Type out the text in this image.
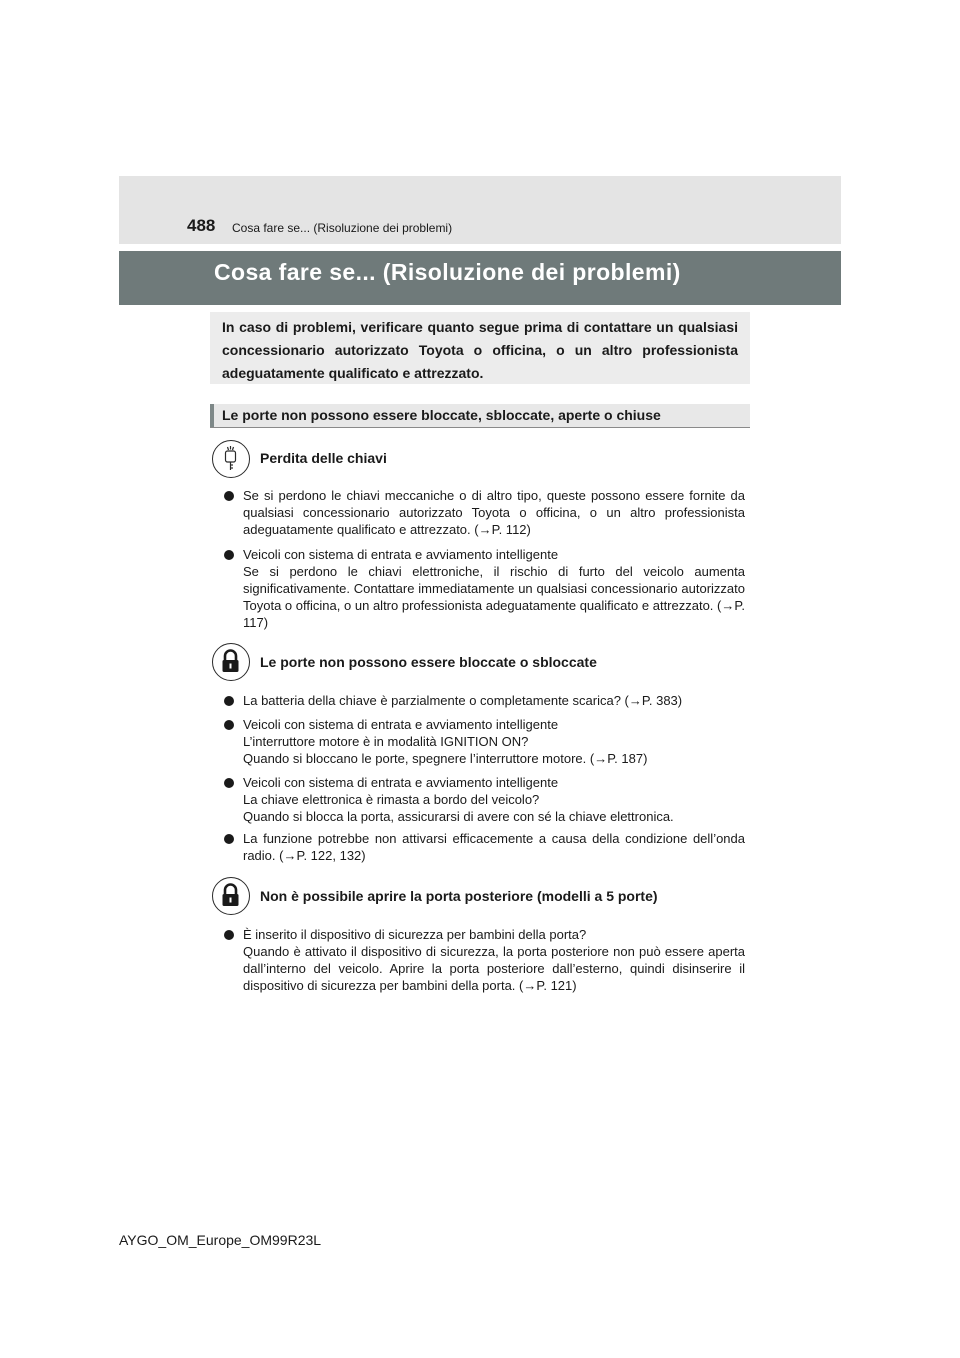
488 Cosa fare se... (Risoluzione dei problemi)
Cosa fare se... (Risoluzione dei problemi)
In caso di problemi, verificare quanto segue prima di contattare un qualsiasi concessionario autorizzato Toyota o officina, o un altro professionista adeguatamente qualificato e attrezzato.
Le porte non possono essere bloccate, sbloccate, aperte o chiuse
Perdita delle chiavi
Se si perdono le chiavi meccaniche o di altro tipo, queste possono essere fornite da qualsiasi concessionario autorizzato Toyota o officina, o un altro professionista adeguatamente qualificato e attrezzato. (→P. 112)
Veicoli con sistema di entrata e avviamento intelligente
Se si perdono le chiavi elettroniche, il rischio di furto del veicolo aumenta significativamente. Contattare immediatamente un qualsiasi concessionario autorizzato Toyota o officina, o un altro professionista adeguatamente qualificato e attrezzato. (→P. 117)
Le porte non possono essere bloccate o sbloccate
La batteria della chiave è parzialmente o completamente scarica? (→P. 383)
Veicoli con sistema di entrata e avviamento intelligente
L’interruttore motore è in modalità IGNITION ON?
Quando si bloccano le porte, spegnere l’interruttore motore. (→P. 187)
Veicoli con sistema di entrata e avviamento intelligente
La chiave elettronica è rimasta a bordo del veicolo?
Quando si blocca la porta, assicurarsi di avere con sé la chiave elettronica.
La funzione potrebbe non attivarsi efficacemente a causa della condizione dell’onda radio. (→P. 122, 132)
Non è possibile aprire la porta posteriore (modelli a 5 porte)
È inserito il dispositivo di sicurezza per bambini della porta?
Quando è attivato il dispositivo di sicurezza, la porta posteriore non può essere aperta dall’interno del veicolo. Aprire la porta posteriore dall’esterno, quindi disinserire il dispositivo di sicurezza per bambini della porta. (→P. 121)
AYGO_OM_Europe_OM99R23L
